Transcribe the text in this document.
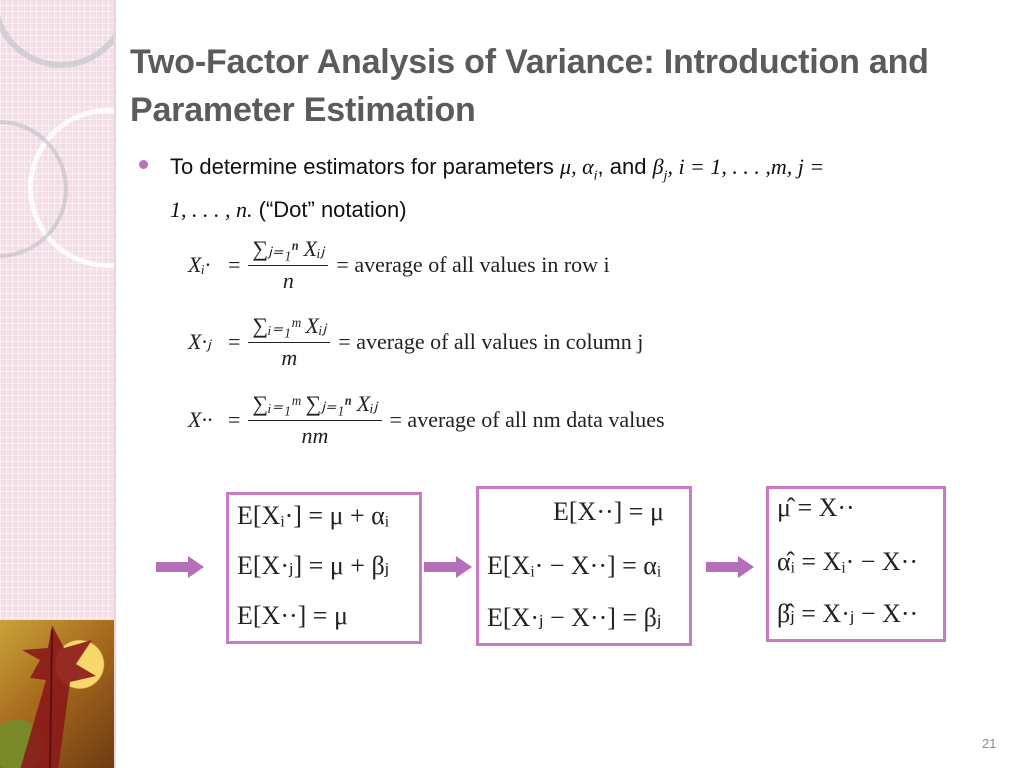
Two-Factor Analysis of Variance: Introduction and Parameter Estimation
To determine estimators for parameters μ, $\alpha_i$, and $\beta_j$, i = 1, . . . ,m, j =
1, . . . , n. (“Dot” notation)
Xᵢ· = $\frac{\text{∑ⱼ₌₁ⁿ Xᵢⱼ}}{n}$ = average of all values in row i
X·ⱼ = $\frac{\text{∑ᵢ₌₁ᵐ Xᵢⱼ}}{m}$ = average of all values in column j
$X\cdot\cdot = \frac{\text{∑ᵢ₌₁ᵐ ∑ⱼ₌₁ⁿ Xᵢⱼ}}{nm}$ = average of all nm data values
E[Xᵢ·] = μ + αᵢ
E[X·ⱼ] = μ + βⱼ
E[X··] = μ
E[X··] = μ
E[Xᵢ· − X··] = αᵢ
E[X·ⱼ − X··] = βⱼ
μ̂ = X··
α̂ᵢ = Xᵢ· − X··
β̂ⱼ = X·ⱼ − X··
21
